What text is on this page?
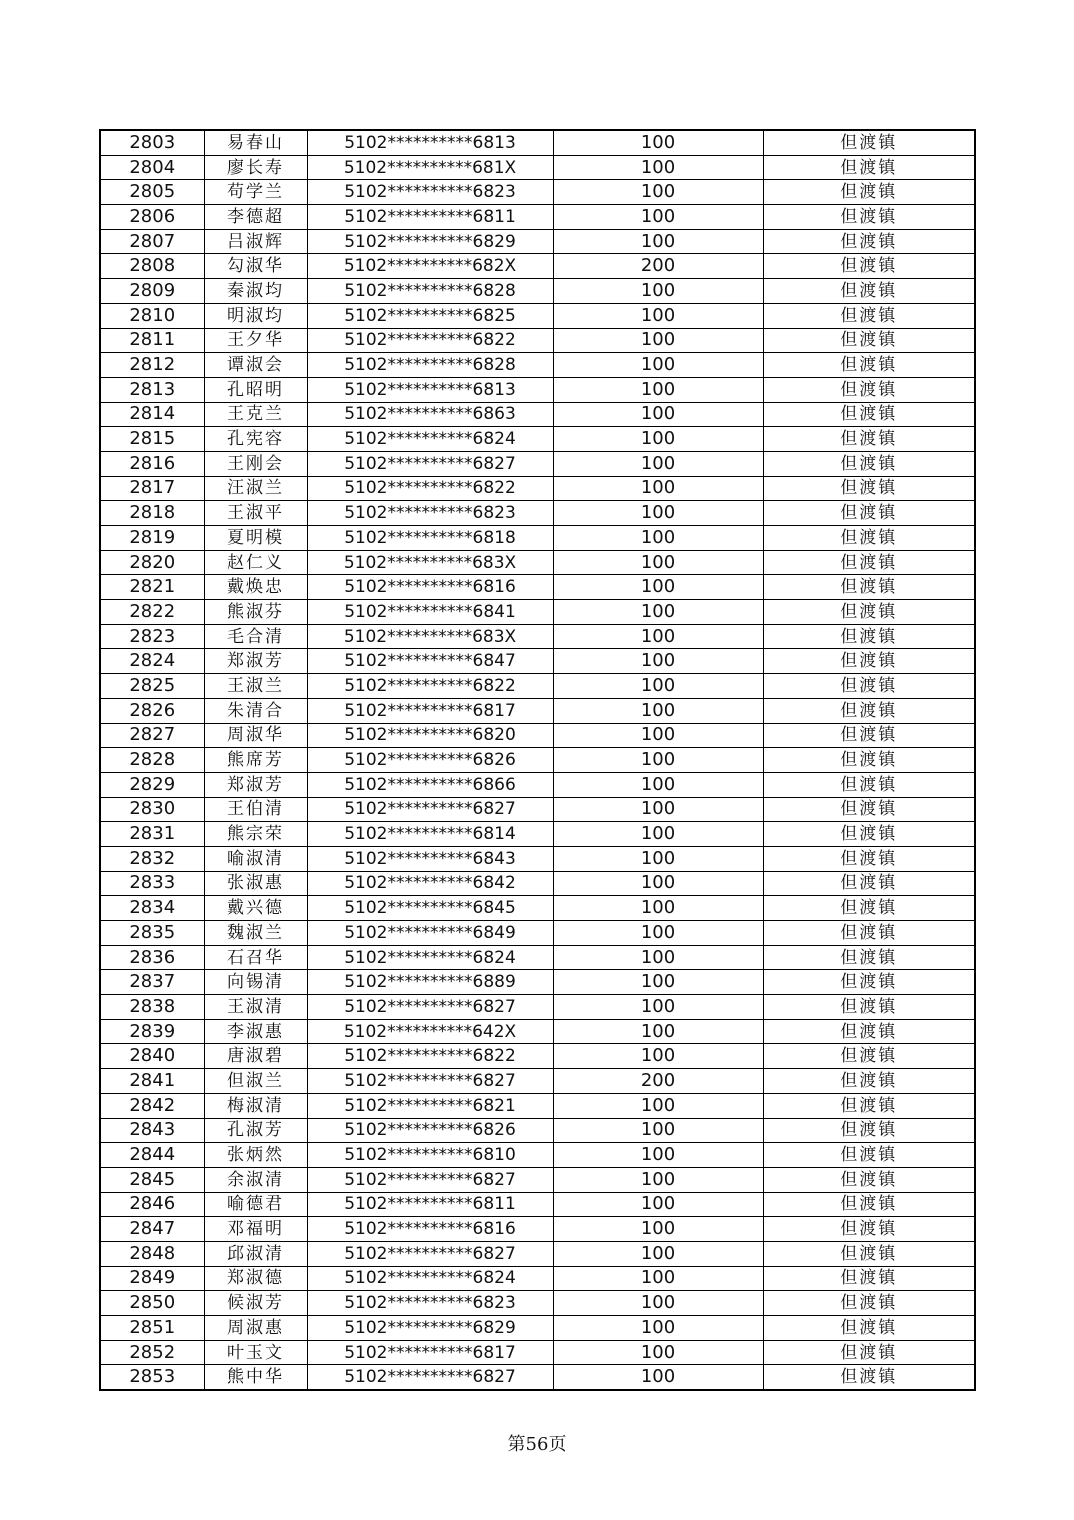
2803	易春山	5102**********6813	100	但渡镇
2804	廖长寿	5102**********681X	100	但渡镇
2805	苟学兰	5102**********6823	100	但渡镇
2806	李德超	5102**********6811	100	但渡镇
2807	吕淑辉	5102**********6829	100	但渡镇
2808	勾淑华	5102**********682X	200	但渡镇
2809	秦淑均	5102**********6828	100	但渡镇
2810	明淑均	5102**********6825	100	但渡镇
2811	王夕华	5102**********6822	100	但渡镇
2812	谭淑会	5102**********6828	100	但渡镇
2813	孔昭明	5102**********6813	100	但渡镇
2814	王克兰	5102**********6863	100	但渡镇
2815	孔宪容	5102**********6824	100	但渡镇
2816	王刚会	5102**********6827	100	但渡镇
2817	汪淑兰	5102**********6822	100	但渡镇
2818	王淑平	5102**********6823	100	但渡镇
2819	夏明模	5102**********6818	100	但渡镇
2820	赵仁义	5102**********683X	100	但渡镇
2821	戴焕忠	5102**********6816	100	但渡镇
2822	熊淑芬	5102**********6841	100	但渡镇
2823	毛合清	5102**********683X	100	但渡镇
2824	郑淑芳	5102**********6847	100	但渡镇
2825	王淑兰	5102**********6822	100	但渡镇
2826	朱清合	5102**********6817	100	但渡镇
2827	周淑华	5102**********6820	100	但渡镇
2828	熊席芳	5102**********6826	100	但渡镇
2829	郑淑芳	5102**********6866	100	但渡镇
2830	王伯清	5102**********6827	100	但渡镇
2831	熊宗荣	5102**********6814	100	但渡镇
2832	喻淑清	5102**********6843	100	但渡镇
2833	张淑惠	5102**********6842	100	但渡镇
2834	戴兴德	5102**********6845	100	但渡镇
2835	魏淑兰	5102**********6849	100	但渡镇
2836	石召华	5102**********6824	100	但渡镇
2837	向锡清	5102**********6889	100	但渡镇
2838	王淑清	5102**********6827	100	但渡镇
2839	李淑惠	5102**********642X	100	但渡镇
2840	唐淑碧	5102**********6822	100	但渡镇
2841	但淑兰	5102**********6827	200	但渡镇
2842	梅淑清	5102**********6821	100	但渡镇
2843	孔淑芳	5102**********6826	100	但渡镇
2844	张炳然	5102**********6810	100	但渡镇
2845	余淑清	5102**********6827	100	但渡镇
2846	喻德君	5102**********6811	100	但渡镇
2847	邓福明	5102**********6816	100	但渡镇
2848	邱淑清	5102**********6827	100	但渡镇
2849	郑淑德	5102**********6824	100	但渡镇
2850	候淑芳	5102**********6823	100	但渡镇
2851	周淑惠	5102**********6829	100	但渡镇
2852	叶玉文	5102**********6817	100	但渡镇
2853	熊中华	5102**********6827	100	但渡镇
第56页
